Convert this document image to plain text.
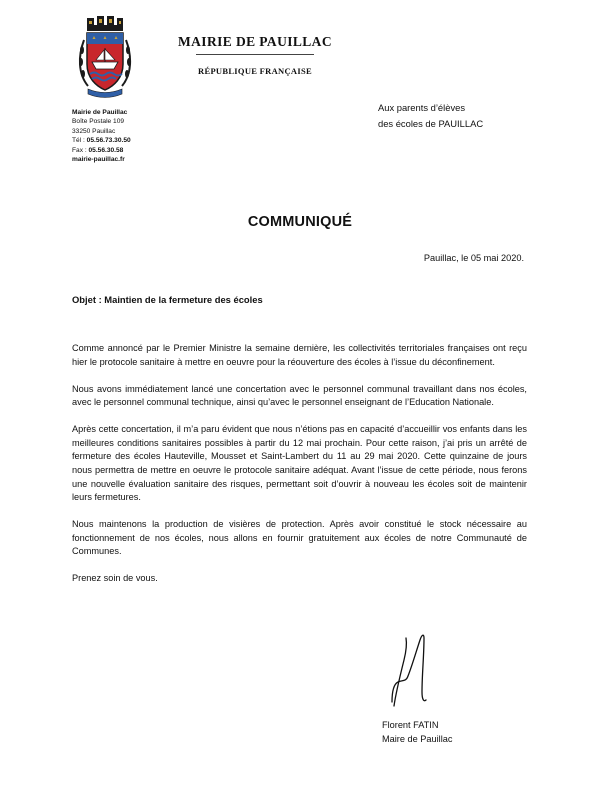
MAIRIE DE PAUILLAC
RÉPUBLIQUE FRANÇAISE
Mairie de Pauillac
Boîte Postale 109
33250 Pauillac
Tél : 05.56.73.30.50
Fax : 05.56.30.58
mairie-pauillac.fr
Aux parents d’élèves
des écoles de PAUILLAC
COMMUNIQUÉ
Pauillac, le 05 mai 2020.
Objet : Maintien de la fermeture des écoles

Comme annoncé par le Premier Ministre la semaine dernière, les collectivités territoriales françaises ont reçu hier le protocole sanitaire à mettre en oeuvre pour la réouverture des écoles à l’issue du déconfinement.

Nous avons immédiatement lancé une concertation avec le personnel communal travaillant dans nos écoles, avec le personnel communal technique, ainsi qu’avec le personnel enseignant de l’Education Nationale.

Après cette concertation, il m’a paru évident que nous n’étions pas en capacité d’accueillir vos enfants dans les meilleures conditions sanitaires possibles à partir du 12 mai prochain. Pour cette raison, j’ai pris un arrêté de fermeture des écoles Hauteville, Mousset et Saint-Lambert du 11 au 29 mai 2020. Cette quinzaine de jours nous permettra de mettre en oeuvre le protocole sanitaire adéquat. Avant l’issue de cette période, nous ferons une nouvelle évaluation sanitaire des risques, permettant soit d’ouvrir à nouveau les écoles soit de maintenir leurs fermetures.

Nous maintenons la production de visières de protection. Après avoir constitué le stock nécessaire au fonctionnement de nos écoles, nous allons en fournir gratuitement aux écoles de notre Communauté de Communes.

Prenez soin de vous.

Florent FATIN
Maire de Pauillac
